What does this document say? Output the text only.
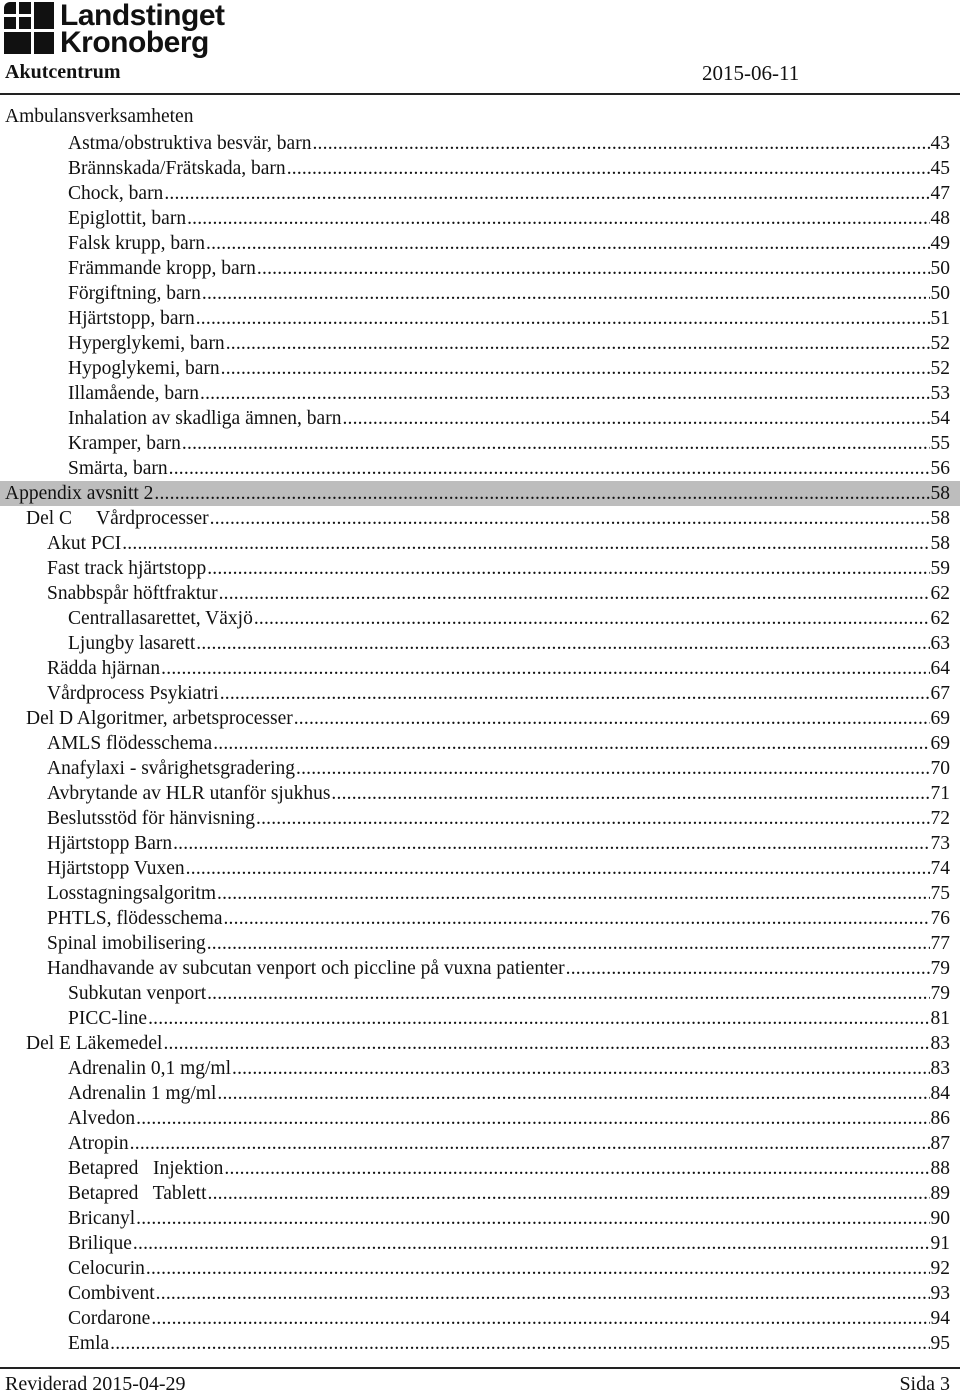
Landstinget
Kronoberg
Akutcentrum	2015-06-11
Ambulansverksamheten
Astma/obstruktiva besvär, barn .....	43
Brännskada/Frätskada, barn .....	45
Chock, barn .....	47
Epiglottit, barn .....	48
Falsk krupp, barn .....	49
Främmande kropp, barn .....	50
Förgiftning, barn .....	50
Hjärtstopp, barn .....	51
Hyperglykemi, barn .....	52
Hypoglykemi, barn .....	52
Illamående, barn .....	53
Inhalation av skadliga ämnen, barn .....	54
Kramper, barn .....	55
Smärta, barn .....	56
Appendix avsnitt 2 .....	58
Del C     Vårdprocesser .....	58
Akut PCI .....	58
Fast track hjärtstopp .....	59
Snabbspår höftfraktur .....	62
Centrallasarettet, Växjö .....	62
Ljungby lasarett .....	63
Rädda hjärnan .....	64
Vårdprocess Psykiatri .....	67
Del D Algoritmer, arbetsprocesser .....	69
AMLS flödesschema .....	69
Anafylaxi - svårighetsgradering .....	70
Avbrytande av HLR utanför sjukhus .....	71
Beslutsstöd för hänvisning .....	72
Hjärtstopp Barn .....	73
Hjärtstopp Vuxen .....	74
Losstagningsalgoritm .....	75
PHTLS, flödesschema .....	76
Spinal imobilisering .....	77
Handhavande av subcutan venport och piccline på vuxna patienter .....	79
Subkutan venport .....	79
PICC-line .....	81
Del E Läkemedel .....	83
Adrenalin 0,1 mg/ml .....	83
Adrenalin 1 mg/ml .....	84
Alvedon .....	86
Atropin .....	87
Betapred   Injektion .....	88
Betapred   Tablett .....	89
Bricanyl .....	90
Brilique .....	91
Celocurin .....	92
Combivent .....	93
Cordarone .....	94
Emla .....	95
Reviderad 2015-04-29	Sida 3
